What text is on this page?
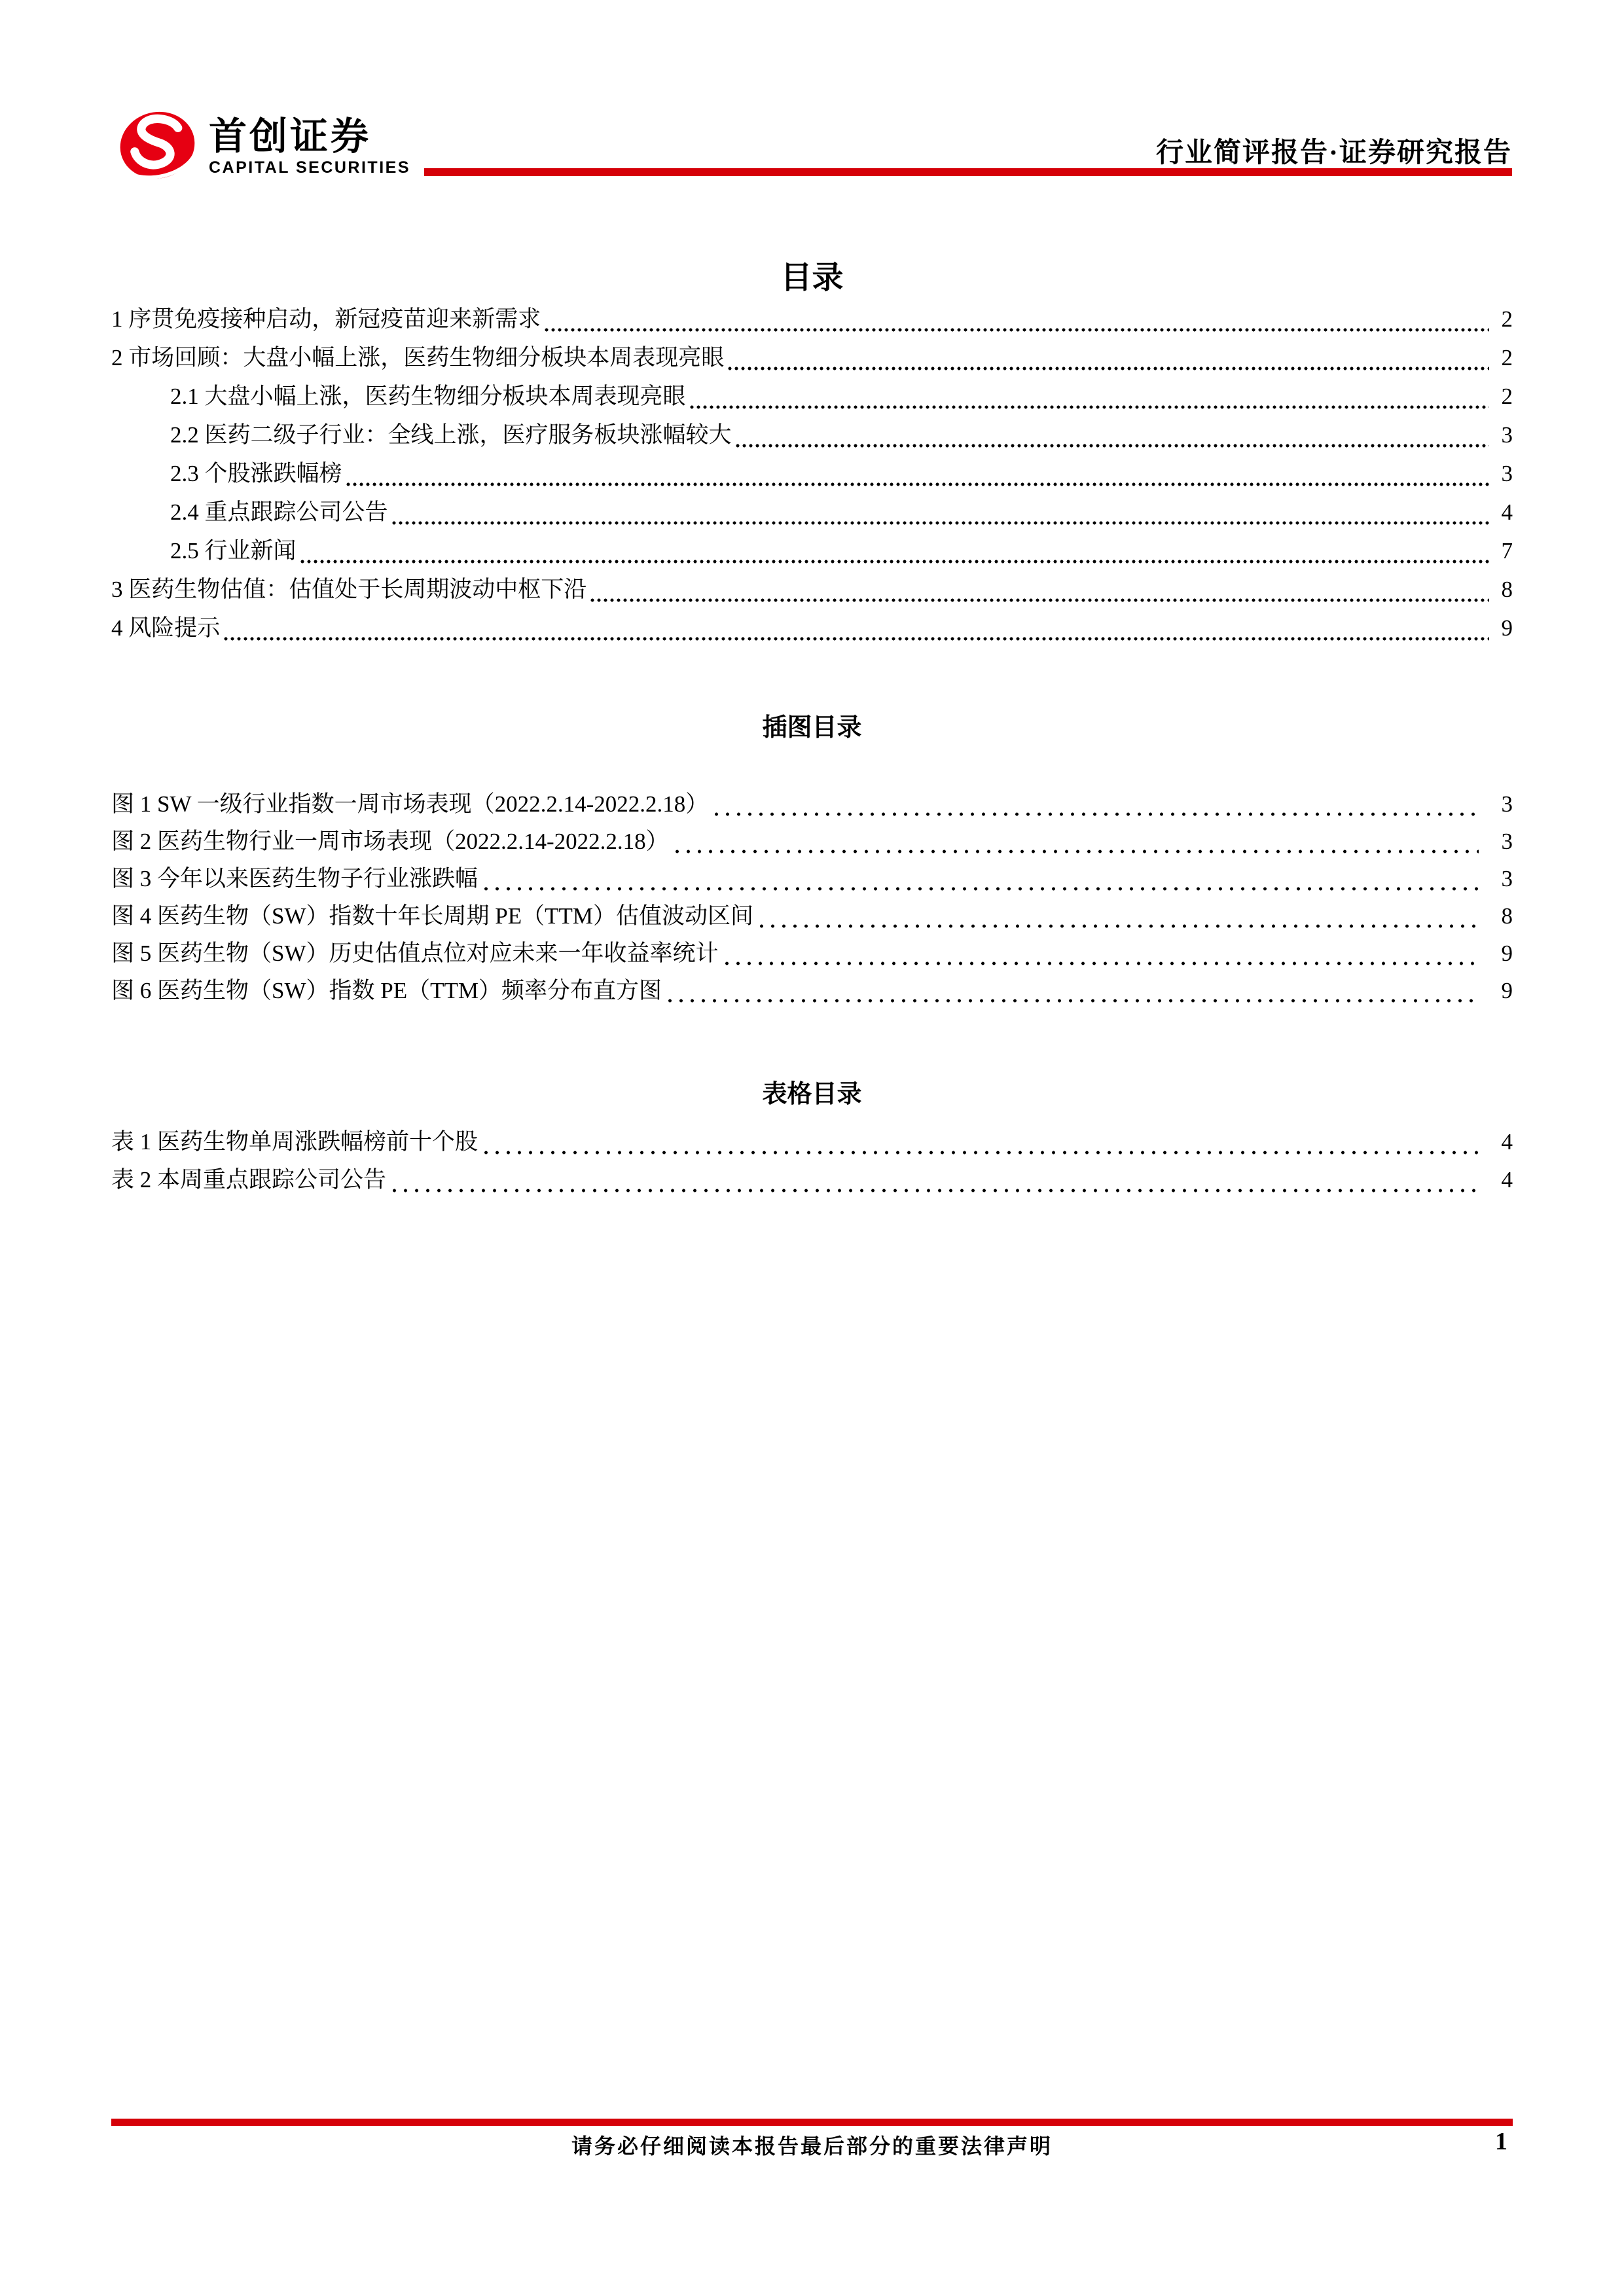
首创证券
CAPITAL SECURITIES	行业简评报告·证券研究报告
目录
1 序贯免疫接种启动，新冠疫苗迎来新需求	2
2 市场回顾：大盘小幅上涨，医药生物细分板块本周表现亮眼	2
2.1 大盘小幅上涨，医药生物细分板块本周表现亮眼	2
2.2 医药二级子行业：全线上涨，医疗服务板块涨幅较大	3
2.3 个股涨跌幅榜	3
2.4 重点跟踪公司公告	4
2.5 行业新闻	7
3 医药生物估值：估值处于长周期波动中枢下沿	8
4 风险提示	9
插图目录
图 1 SW 一级行业指数一周市场表现（2022.2.14-2022.2.18）	3
图 2 医药生物行业一周市场表现（2022.2.14-2022.2.18）	3
图 3 今年以来医药生物子行业涨跌幅	3
图 4 医药生物（SW）指数十年长周期 PE（TTM）估值波动区间	8
图 5 医药生物（SW）历史估值点位对应未来一年收益率统计	9
图 6 医药生物（SW）指数 PE（TTM）频率分布直方图	9
表格目录
表 1 医药生物单周涨跌幅榜前十个股	4
表 2 本周重点跟踪公司公告	4
请务必仔细阅读本报告最后部分的重要法律声明	1
